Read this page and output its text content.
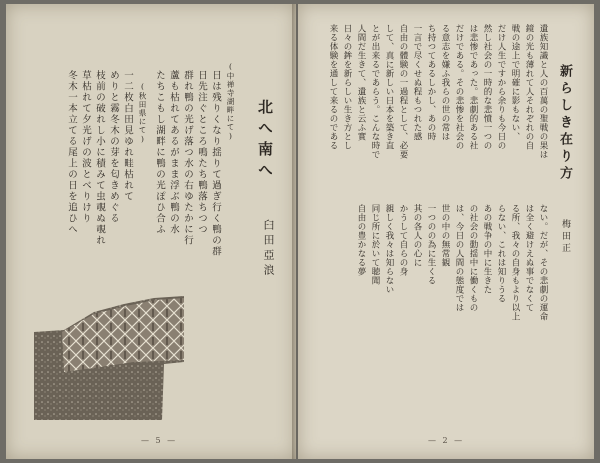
北へ南へ
臼田亞浪
(中禅寺湖畔にて)
日は残りくなり揺りて過ぎ行く鴨の群
日先注ぐところ鳴たち鴨落ちつつ
群れ鴨の光げ落つ水の右ゆたかに行
蘆も枯れてあるがまま浮ぶ鴨の水
たちこもし湖畔に鴨の光ぽひ合ふ
(秋田県にて)
一二枚白田見ゆれ畦枯れて
めりと霧冬木の芽を匂きめぐる
枝前の破れし小に積みて虫覗ぬ覗れ
草枯れて夕光げの波とべりけり
冬木一本立てる尾上の日を追ひへ
— 5 —
新らしき在り方
梅田正
遺族知識と人の百萬の聖戦の果は
鏡の光も薄れて人それぞれの自
戦の途上で明確に影もない、
だけ人生ですから余りも今日の
然し社会の一時的な悲憤一つの
は悲惨であった。悲劇的ある社
だけである。その悲惨を社会の
る意志を嫌ふ我らの世の常は
ち持つてあるしかし、あの時
一言で尽くせぬ程もつれた感
自由の體験の一過程として、必要
して、真に新しい日本を築き直
とが出来るであらう。こんな時で
人間だ生きて、遺族と云ふ實
日々の鉾を新らしい生き方とし
来る体験を通して来るのである
ない。だが、その悲劇の運命
は全く避けえぬ事でなくて
る所、我々の自身もより以上
らない、これは知りうる
あの戦争の中に生きた
の社会の動揺中に働くもの
は、今日の人間の態度では
世の中の無常観
一つのの為に生くる
其の各人の心に
かうして自らの身
親しく我々は知らない
同じ所に於いて聴聞
自由の豊かなる夢
— 2 —
